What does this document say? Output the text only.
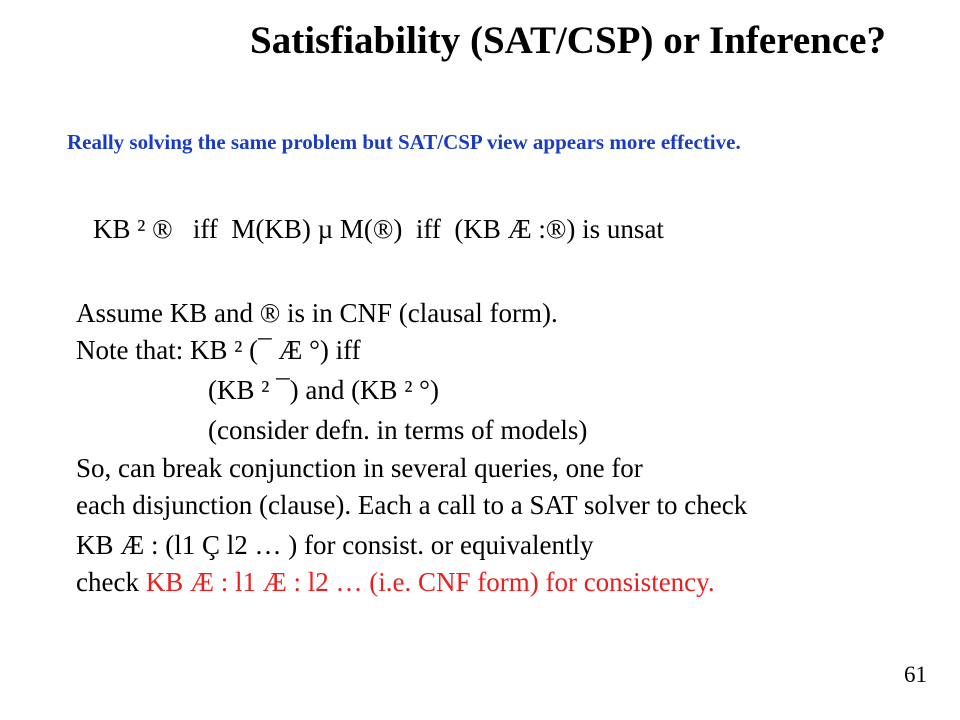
Satisfiability (SAT/CSP) or Inference?
Really solving the same problem but SAT/CSP view appears more effective.
KB ² ®   iff  M(KB) µ M(®)  iff  (KB Æ :®) is unsat
Assume KB and ® is in CNF (clausal form).
Note that: KB ² (¯ Æ °) iff
(KB ² ¯) and (KB ² °)
(consider defn. in terms of models)
So, can break conjunction in several queries, one for
each disjunction (clause). Each a call to a SAT solver to check
KB Æ : (l1 Ç l2 … ) for consist. or equivalently
check KB Æ : l1 Æ : l2 … (i.e. CNF form) for consistency.
61
